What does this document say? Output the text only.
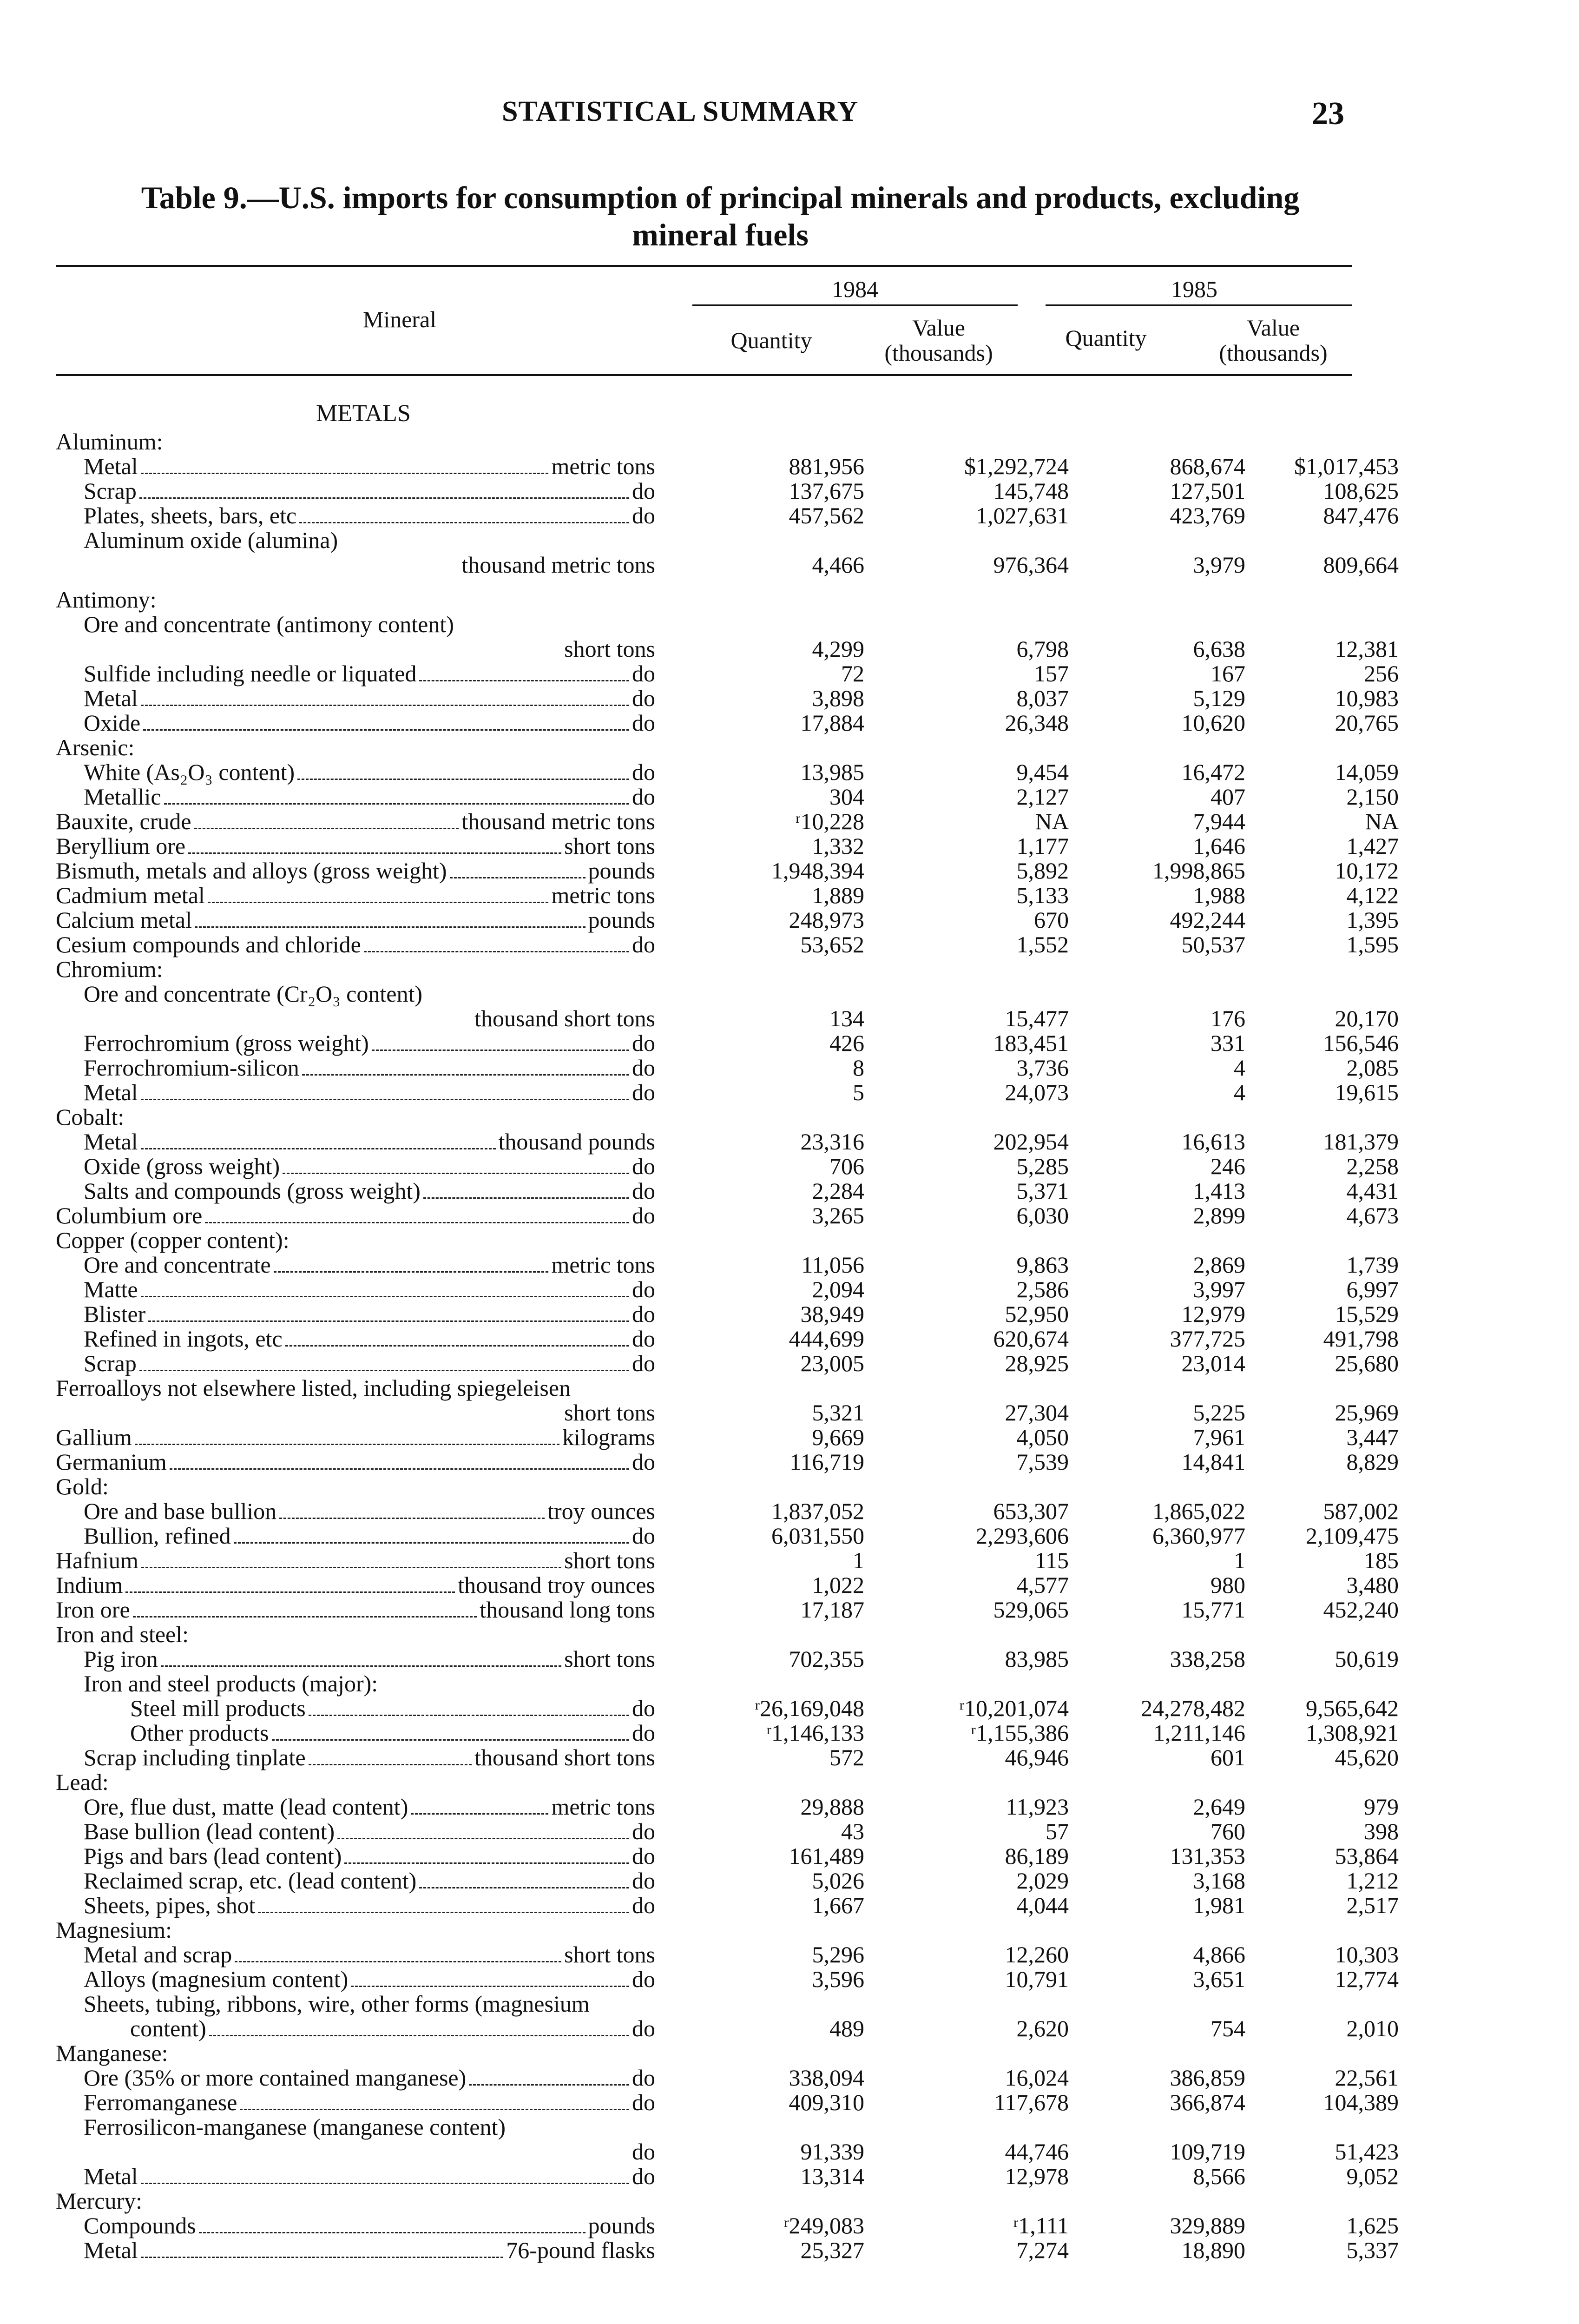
STATISTICAL SUMMARY	23
Table 9.—U.S. imports for consumption of principal minerals and products, excluding
mineral fuels
Mineral
1984	1985
Quantity	Value
(thousands)
Quantity	Value
(thousands)
METALS
Aluminum:
Metal	metric tons	881,956	$1,292,724	868,674	$1,017,453
Scrap	do	137,675	145,748	127,501	108,625
Plates, sheets, bars, etc	do	457,562	1,027,631	423,769	847,476
Aluminum oxide (alumina)
thousand metric tons	4,466	976,364	3,979	809,664
Antimony:
Ore and concentrate (antimony content)
short tons	4,299	6,798	6,638	12,381
Sulfide including needle or liquated	do	72	157	167	256
Metal	do	3,898	8,037	5,129	10,983
Oxide	do	17,884	26,348	10,620	20,765
Arsenic:
White (As₂O₃ content)	do	13,985	9,454	16,472	14,059
Metallic	do	304	2,127	407	2,150
Bauxite, crude	thousand metric tons	ʳ10,228	NA	7,944	NA
Beryllium ore	short tons	1,332	1,177	1,646	1,427
Bismuth, metals and alloys (gross weight)	pounds	1,948,394	5,892	1,998,865	10,172
Cadmium metal	metric tons	1,889	5,133	1,988	4,122
Calcium metal	pounds	248,973	670	492,244	1,395
Cesium compounds and chloride	do	53,652	1,552	50,537	1,595
Chromium:
Ore and concentrate (Cr₂O₃ content)
thousand short tons	134	15,477	176	20,170
Ferrochromium (gross weight)	do	426	183,451	331	156,546
Ferrochromium-silicon	do	8	3,736	4	2,085
Metal	do	5	24,073	4	19,615
Cobalt:
Metal	thousand pounds	23,316	202,954	16,613	181,379
Oxide (gross weight)	do	706	5,285	246	2,258
Salts and compounds (gross weight)	do	2,284	5,371	1,413	4,431
Columbium ore	do	3,265	6,030	2,899	4,673
Copper (copper content):
Ore and concentrate	metric tons	11,056	9,863	2,869	1,739
Matte	do	2,094	2,586	3,997	6,997
Blister	do	38,949	52,950	12,979	15,529
Refined in ingots, etc	do	444,699	620,674	377,725	491,798
Scrap	do	23,005	28,925	23,014	25,680
Ferroalloys not elsewhere listed, including spiegeleisen
short tons	5,321	27,304	5,225	25,969
Gallium	kilograms	9,669	4,050	7,961	3,447
Germanium	do	116,719	7,539	14,841	8,829
Gold:
Ore and base bullion	troy ounces	1,837,052	653,307	1,865,022	587,002
Bullion, refined	do	6,031,550	2,293,606	6,360,977	2,109,475
Hafnium	short tons	1	115	1	185
Indium	thousand troy ounces	1,022	4,577	980	3,480
Iron ore	thousand long tons	17,187	529,065	15,771	452,240
Iron and steel:
Pig iron	short tons	702,355	83,985	338,258	50,619
Iron and steel products (major):
Steel mill products	do	ʳ26,169,048	ʳ10,201,074	24,278,482	9,565,642
Other products	do	ʳ1,146,133	ʳ1,155,386	1,211,146	1,308,921
Scrap including tinplate	thousand short tons	572	46,946	601	45,620
Lead:
Ore, flue dust, matte (lead content)	metric tons	29,888	11,923	2,649	979
Base bullion (lead content)	do	43	57	760	398
Pigs and bars (lead content)	do	161,489	86,189	131,353	53,864
Reclaimed scrap, etc. (lead content)	do	5,026	2,029	3,168	1,212
Sheets, pipes, shot	do	1,667	4,044	1,981	2,517
Magnesium:
Metal and scrap	short tons	5,296	12,260	4,866	10,303
Alloys (magnesium content)	do	3,596	10,791	3,651	12,774
Sheets, tubing, ribbons, wire, other forms (magnesium
content)	do	489	2,620	754	2,010
Manganese:
Ore (35% or more contained manganese)	do	338,094	16,024	386,859	22,561
Ferromanganese	do	409,310	117,678	366,874	104,389
Ferrosilicon-manganese (manganese content)
do	91,339	44,746	109,719	51,423
Metal	do	13,314	12,978	8,566	9,052
Mercury:
Compounds	pounds	ʳ249,083	ʳ1,111	329,889	1,625
Metal	76-pound flasks	25,327	7,274	18,890	5,337
